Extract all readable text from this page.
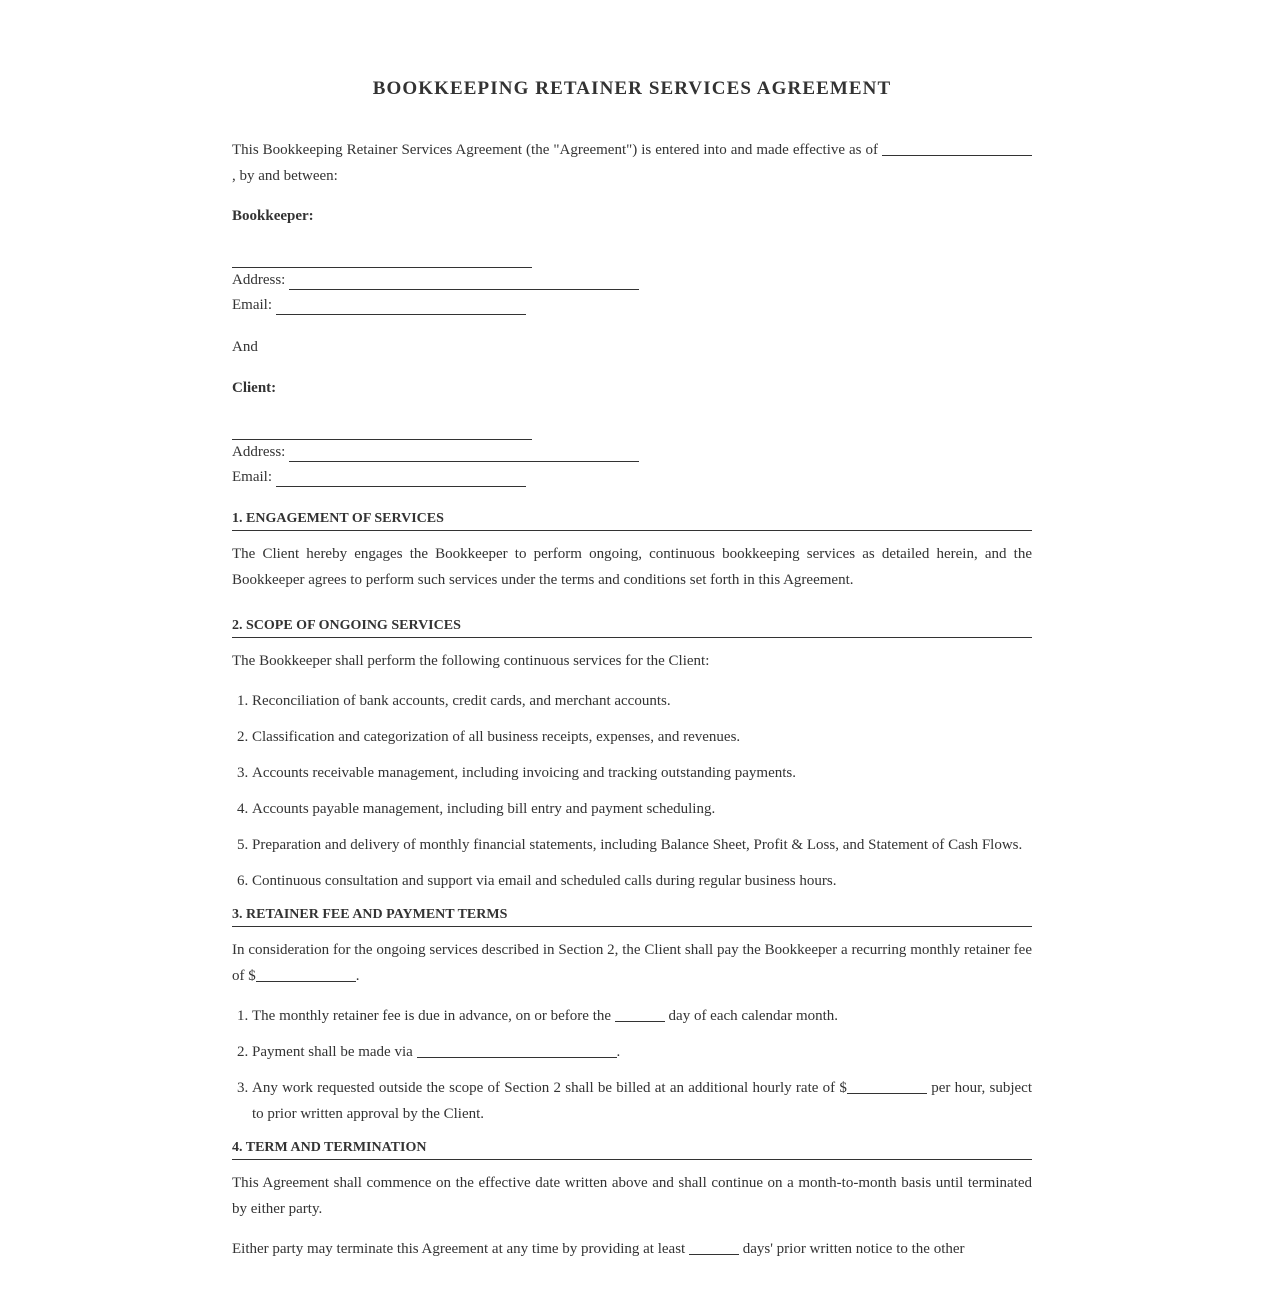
BOOKKEEPING RETAINER SERVICES AGREEMENT

This Bookkeeping Retainer Services Agreement (the "Agreement") is entered into and made effective as of , by and between:

Bookkeeper:
Address:
Email:
And
Client:
Address:
Email:
1. ENGAGEMENT OF SERVICES

The Client hereby engages the Bookkeeper to perform ongoing, continuous bookkeeping services as detailed herein, and the Bookkeeper agrees to perform such services under the terms and conditions set forth in this Agreement.

2. SCOPE OF ONGOING SERVICES

The Bookkeeper shall perform the following continuous services for the Client:

1. Reconciliation of bank accounts, credit cards, and merchant accounts.
2. Classification and categorization of all business receipts, expenses, and revenues.
3. Accounts receivable management, including invoicing and tracking outstanding payments.
4. Accounts payable management, including bill entry and payment scheduling.
5. Preparation and delivery of monthly financial statements, including Balance Sheet, Profit & Loss, and Statement of Cash Flows.
6. Continuous consultation and support via email and scheduled calls during regular business hours.
3. RETAINER FEE AND PAYMENT TERMS

In consideration for the ongoing services described in Section 2, the Client shall pay the Bookkeeper a recurring monthly retainer fee of $	.

1. The monthly retainer fee is due in advance, on or before the	day of each calendar month.
2. Payment shall be made via	.
3. Any work requested outside the scope of Section 2 shall be billed at an additional hourly rate of $	per hour, subject to prior written approval by the Client.
4. TERM AND TERMINATION

This Agreement shall commence on the effective date written above and shall continue on a month-to-month basis until terminated by either party.

Either party may terminate this Agreement at any time by providing at least	days' prior written notice to the other
